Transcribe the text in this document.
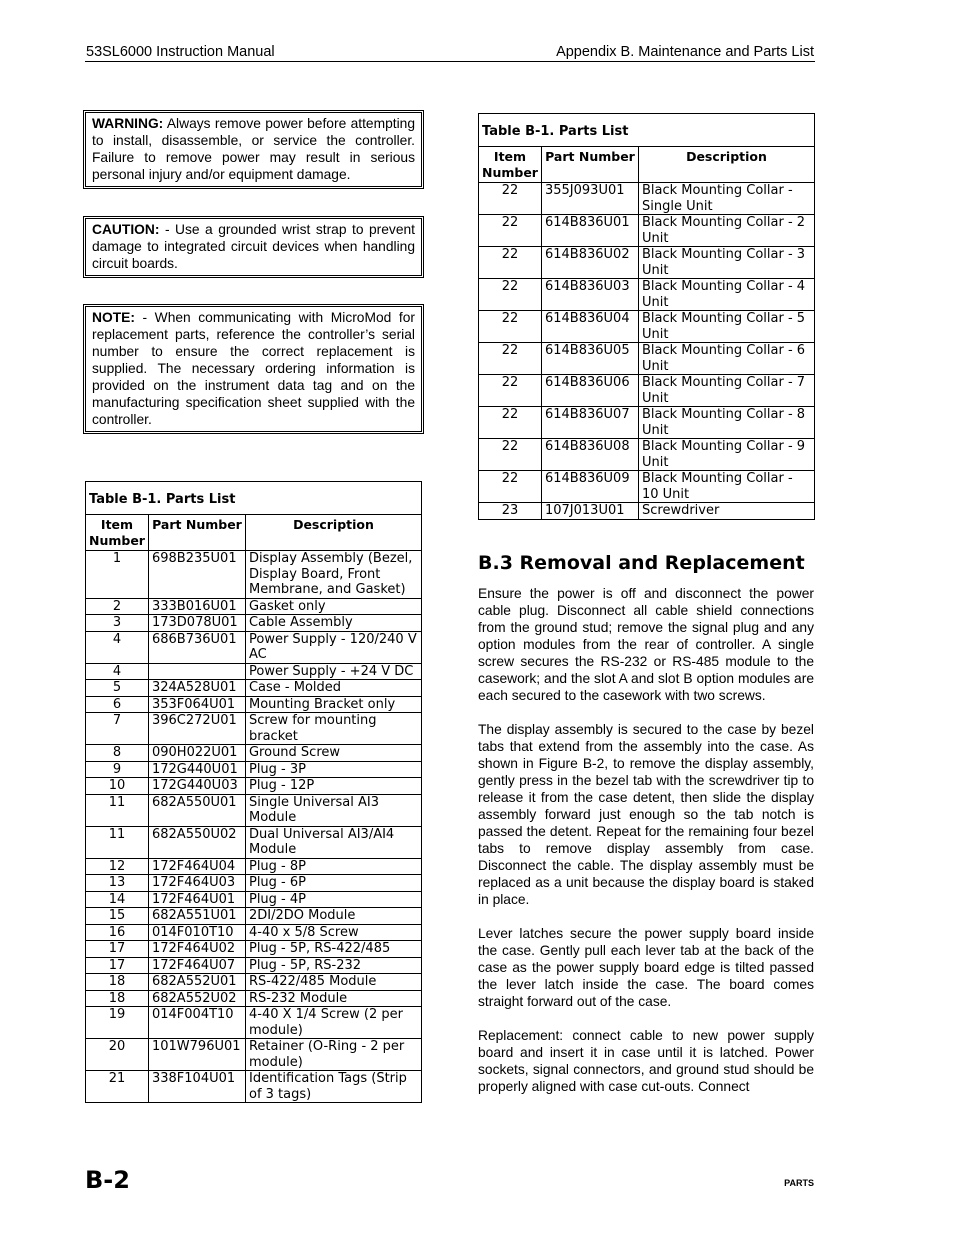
53SL6000 Instruction Manual	Appendix B. Maintenance and Parts List
WARNING: Always remove power before attempting to install, disassemble, or service the controller. Failure to remove power may result in serious personal injury and/or equipment damage.
CAUTION: - Use a grounded wrist strap to prevent damage to integrated circuit devices when handling circuit boards.
NOTE: - When communicating with MicroMod for replacement parts, reference the controller’s serial number to ensure the correct replacement is supplied. The necessary ordering information is provided on the instrument data tag and on the manufacturing specification sheet supplied with the controller.
Table B-1. Parts List
Item Number	Part Number	Description
1	698B235U01	Display Assembly (Bezel, Display Board, Front Membrane, and Gasket)
2	333B016U01	Gasket only
3	173D078U01	Cable Assembly
4	686B736U01	Power Supply - 120/240 V AC
4		Power Supply - +24 V DC
5	324A528U01	Case - Molded
6	353F064U01	Mounting Bracket only
7	396C272U01	Screw for mounting bracket
8	090H022U01	Ground Screw
9	172G440U01	Plug - 3P
10	172G440U03	Plug - 12P
11	682A550U01	Single Universal AI3 Module
11	682A550U02	Dual Universal AI3/AI4 Module
12	172F464U04	Plug - 8P
13	172F464U03	Plug - 6P
14	172F464U01	Plug - 4P
15	682A551U01	2DI/2DO Module
16	014F010T10	4-40 x 5/8 Screw
17	172F464U02	Plug - 5P, RS-422/485
17	172F464U07	Plug - 5P, RS-232
18	682A552U01	RS-422/485 Module
18	682A552U02	RS-232 Module
19	014F004T10	4-40 X 1/4 Screw (2 per module)
20	101W796U01	Retainer (O-Ring - 2 per module)
21	338F104U01	Identification Tags (Strip of 3 tags)
Table B-1. Parts List
Item Number	Part Number	Description
22	355J093U01	Black Mounting Collar - Single Unit
22	614B836U01	Black Mounting Collar - 2 Unit
22	614B836U02	Black Mounting Collar - 3 Unit
22	614B836U03	Black Mounting Collar - 4 Unit
22	614B836U04	Black Mounting Collar - 5 Unit
22	614B836U05	Black Mounting Collar - 6 Unit
22	614B836U06	Black Mounting Collar - 7 Unit
22	614B836U07	Black Mounting Collar - 8 Unit
22	614B836U08	Black Mounting Collar - 9 Unit
22	614B836U09	Black Mounting Collar - 10 Unit
23	107J013U01	Screwdriver
B.3 Removal and Replacement

Ensure the power is off and disconnect the power cable plug. Disconnect all cable shield connections from the ground stud; remove the signal plug and any option modules from the rear of controller. A single screw secures the RS-232 or RS-485 module to the casework; and the slot A and slot B option modules are each secured to the casework with two screws.

The display assembly is secured to the case by bezel tabs that extend from the assembly into the case. As shown in Figure B-2, to remove the display assembly, gently press in the bezel tab with the screwdriver tip to release it from the case detent, then slide the display assembly forward just enough so the tab notch is passed the detent. Repeat for the remaining four bezel tabs to remove display assembly from case. Disconnect the cable. The display assembly must be replaced as a unit because the display board is staked in place.

Lever latches secure the power supply board inside the case. Gently pull each lever tab at the back of the case as the power supply board edge is tilted passed the lever latch inside the case. The board comes straight forward out of the case.

Replacement: connect cable to new power supply board and insert it in case until it is latched. Power sockets, signal connectors, and ground stud should be properly aligned with case cut-outs. Connect

B-2	PARTS
